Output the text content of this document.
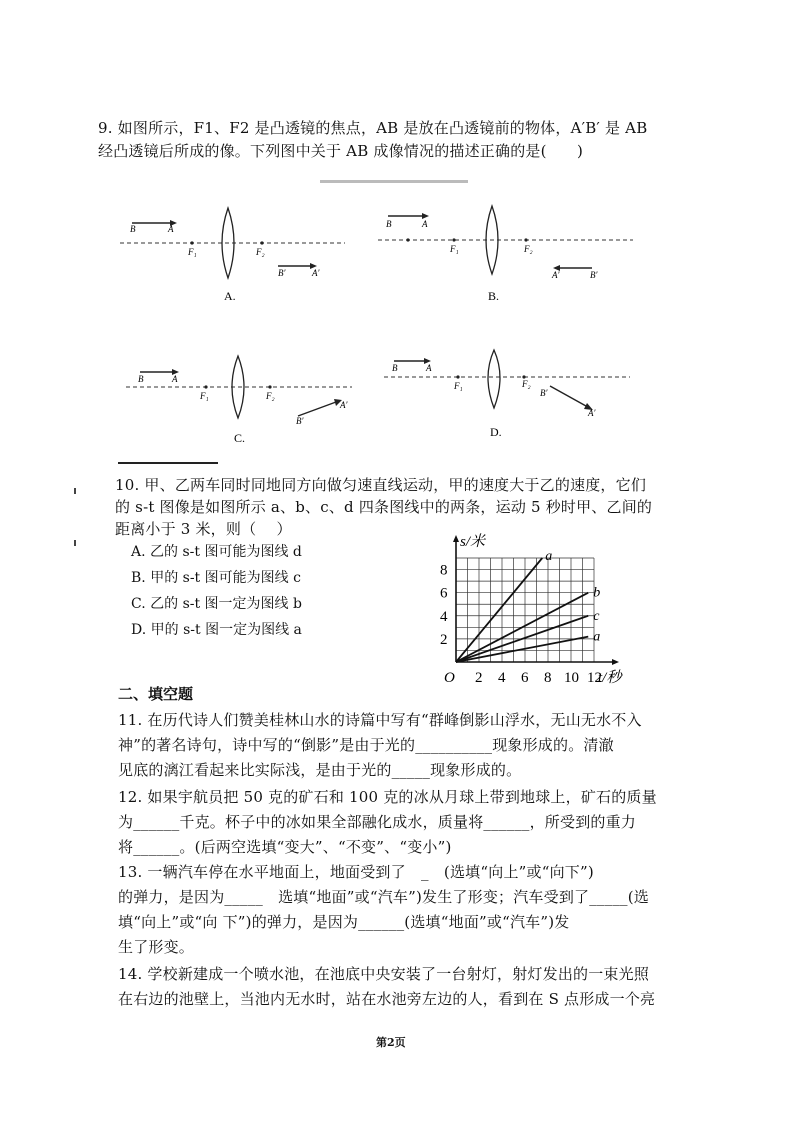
9. 如图所示，F1、F2 是凸透镜的焦点，AB 是放在凸透镜前的物体，A′B′ 是 AB
经凸透镜后所成的像。下列图中关于 AB 成像情况的描述正确的是(　　)
B	A
F₁	F₂
B′	A′
A.
B	A
F₁	F₂
A′	B′
B.
B	A
F₁	F₂
B′
A′
C.
B	A
F₁	F₂
B′
A′
D.
10. 甲、乙两车同时同地同方向做匀速直线运动，甲的速度大于乙的速度，它们
的 s-t 图像是如图所示 a、b、c、d 四条图线中的两条，运动 5 秒时甲、乙间的
距离小于 3 米，则（　 ）
A. 乙的 s-t 图可能为图线 d
B. 甲的 s-t 图可能为图线 c
C. 乙的 s-t 图一定为图线 b
D. 甲的 s-t 图一定为图线 a
a
b
c
a
s/米
t/秒
O 2 4 6 8 10 12
2
4
6
8
二、填空题
11. 在历代诗人们赞美桂林山水的诗篇中写有“群峰倒影山浮水，无山无水不入
神”的著名诗句，诗中写的“倒影”是由于光的__________现象形成的。清澈
见底的漓江看起来比实际浅，是由于光的_____现象形成的。
12. 如果宇航员把 50 克的矿石和 100 克的冰从月球上带到地球上，矿石的质量
为______千克。杯子中的冰如果全部融化成水，质量将______，所受到的重力
将______。(后两空选填“变大”、“不变”、“变小”)
13. 一辆汽车停在水平地面上，地面受到了　_　(选填“向上”或“向下”)
的弹力，是因为_____　选填“地面”或“汽车”)发生了形变；汽车受到了_____(选
填“向上”或“向 下”)的弹力，是因为______(选填“地面”或“汽车”)发
生了形变。
14. 学校新建成一个喷水池，在池底中央安装了一台射灯，射灯发出的一束光照
在右边的池壁上，当池内无水时，站在水池旁左边的人，看到在 S 点形成一个亮
第2页
